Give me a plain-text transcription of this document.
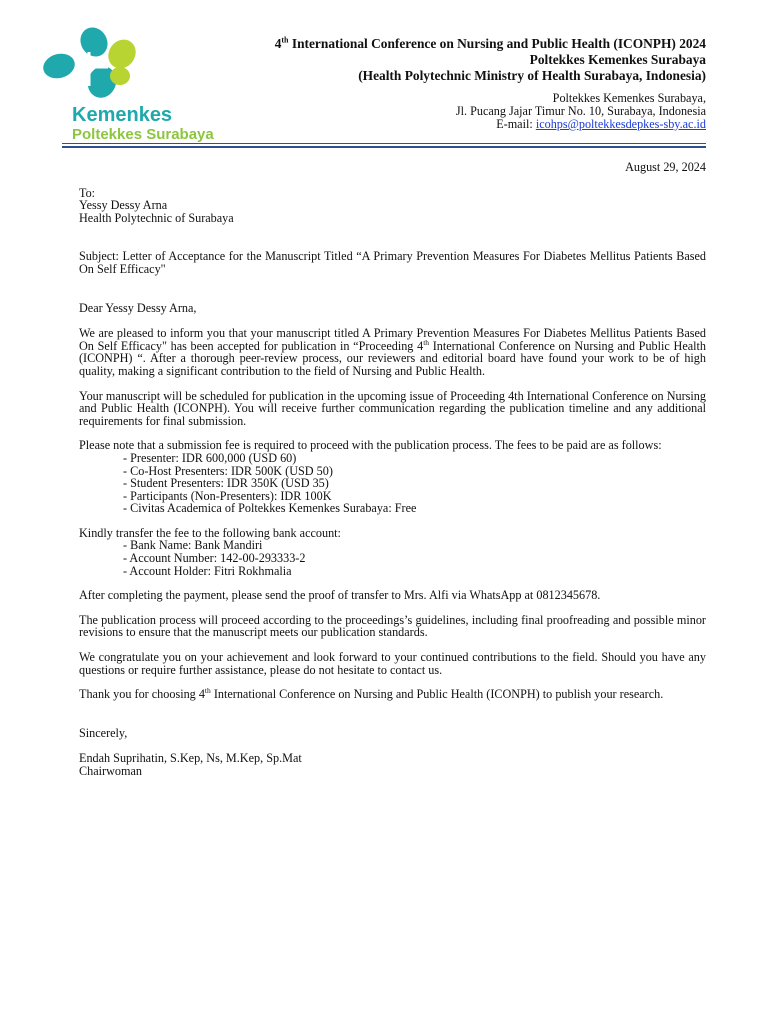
Kemenkes
Poltekkes Surabaya
4th International Conference on Nursing and Public Health (ICONPH) 2024
Poltekkes Kemenkes Surabaya
(Health Polytechnic Ministry of Health Surabaya, Indonesia)
Poltekkes Kemenkes Surabaya,
Jl. Pucang Jajar Timur No. 10, Surabaya, Indonesia
E-mail: icohps@poltekkesdepkes-sby.ac.id
August 29, 2024

To:

Yessy Dessy Arna

Health Polytechnic of Surabaya

Subject: Letter of Acceptance for the Manuscript Titled “A Primary Prevention Measures For Diabetes Mellitus Patients Based On Self Efficacy"

Dear Yessy Dessy Arna,

We are pleased to inform you that your manuscript titled A Primary Prevention Measures For Diabetes Mellitus Patients Based On Self Efficacy" has been accepted for publication in “Proceeding 4th International Conference on Nursing and Public Health (ICONPH) “. After a thorough peer-review process, our reviewers and editorial board have found your work to be of high quality, making a significant contribution to the field of Nursing and Public Health.

Your manuscript will be scheduled for publication in the upcoming issue of Proceeding 4th International Conference on Nursing and Public Health (ICONPH). You will receive further communication regarding the publication timeline and any additional requirements for final submission.

Please note that a submission fee is required to proceed with the publication process. The fees to be paid are as follows:

- Presenter: IDR 600,000 (USD 60)
- Co-Host Presenters: IDR 500K (USD 50)
- Student Presenters: IDR 350K (USD 35)
- Participants (Non-Presenters): IDR 100K
- Civitas Academica of Poltekkes Kemenkes Surabaya: Free

Kindly transfer the fee to the following bank account:

- Bank Name: Bank Mandiri
- Account Number: 142-00-293333-2
- Account Holder: Fitri Rokhmalia

After completing the payment, please send the proof of transfer to Mrs. Alfi via WhatsApp at 0812345678.

The publication process will proceed according to the proceedings’s guidelines, including final proofreading and possible minor revisions to ensure that the manuscript meets our publication standards.

We congratulate you on your achievement and look forward to your continued contributions to the field. Should you have any questions or require further assistance, please do not hesitate to contact us.

Thank you for choosing 4th International Conference on Nursing and Public Health (ICONPH) to publish your research.

Sincerely,

Endah Suprihatin, S.Kep, Ns, M.Kep, Sp.Mat

Chairwoman
